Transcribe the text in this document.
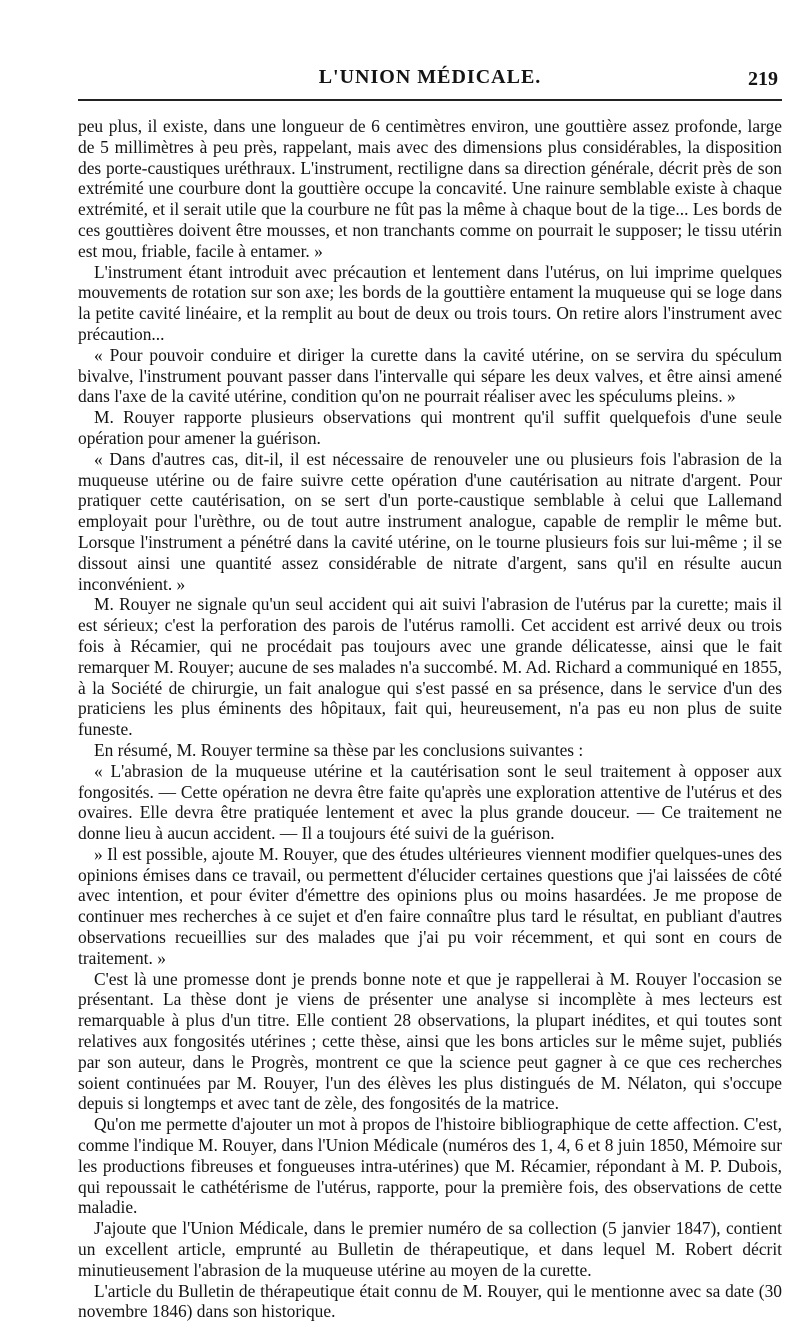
L'UNION MÉDICALE.	219

peu plus, il existe, dans une longueur de 6 centimètres environ, une gouttière assez profonde, large de 5 millimètres à peu près, rappelant, mais avec des dimensions plus considérables, la disposition des porte-caustiques uréthraux. L'instrument, rectiligne dans sa direction générale, décrit près de son extrémité une courbure dont la gouttière occupe la concavité. Une rainure semblable existe à chaque extrémité, et il serait utile que la courbure ne fût pas la même à chaque bout de la tige... Les bords de ces gouttières doivent être mousses, et non tranchants comme on pourrait le supposer; le tissu utérin est mou, friable, facile à entamer. »

L'instrument étant introduit avec précaution et lentement dans l'utérus, on lui imprime quelques mouvements de rotation sur son axe; les bords de la gouttière entament la muqueuse qui se loge dans la petite cavité linéaire, et la remplit au bout de deux ou trois tours. On retire alors l'instrument avec précaution...

« Pour pouvoir conduire et diriger la curette dans la cavité utérine, on se servira du spéculum bivalve, l'instrument pouvant passer dans l'intervalle qui sépare les deux valves, et être ainsi amené dans l'axe de la cavité utérine, condition qu'on ne pourrait réaliser avec les spéculums pleins. »

M. Rouyer rapporte plusieurs observations qui montrent qu'il suffit quelquefois d'une seule opération pour amener la guérison.

« Dans d'autres cas, dit-il, il est nécessaire de renouveler une ou plusieurs fois l'abrasion de la muqueuse utérine ou de faire suivre cette opération d'une cautérisation au nitrate d'argent. Pour pratiquer cette cautérisation, on se sert d'un porte-caustique semblable à celui que Lallemand employait pour l'urèthre, ou de tout autre instrument analogue, capable de remplir le même but. Lorsque l'instrument a pénétré dans la cavité utérine, on le tourne plusieurs fois sur lui-même ; il se dissout ainsi une quantité assez considérable de nitrate d'argent, sans qu'il en résulte aucun inconvénient. »

M. Rouyer ne signale qu'un seul accident qui ait suivi l'abrasion de l'utérus par la curette; mais il est sérieux; c'est la perforation des parois de l'utérus ramolli. Cet accident est arrivé deux ou trois fois à Récamier, qui ne procédait pas toujours avec une grande délicatesse, ainsi que le fait remarquer M. Rouyer; aucune de ses malades n'a succombé. M. Ad. Richard a communiqué en 1855, à la Société de chirurgie, un fait analogue qui s'est passé en sa présence, dans le service d'un des praticiens les plus éminents des hôpitaux, fait qui, heureusement, n'a pas eu non plus de suite funeste.

En résumé, M. Rouyer termine sa thèse par les conclusions suivantes :

« L'abrasion de la muqueuse utérine et la cautérisation sont le seul traitement à opposer aux fongosités. — Cette opération ne devra être faite qu'après une exploration attentive de l'utérus et des ovaires. Elle devra être pratiquée lentement et avec la plus grande douceur. — Ce traitement ne donne lieu à aucun accident. — Il a toujours été suivi de la guérison.

» Il est possible, ajoute M. Rouyer, que des études ultérieures viennent modifier quelques-unes des opinions émises dans ce travail, ou permettent d'élucider certaines questions que j'ai laissées de côté avec intention, et pour éviter d'émettre des opinions plus ou moins hasardées. Je me propose de continuer mes recherches à ce sujet et d'en faire connaître plus tard le résultat, en publiant d'autres observations recueillies sur des malades que j'ai pu voir récemment, et qui sont en cours de traitement. »

C'est là une promesse dont je prends bonne note et que je rappellerai à M. Rouyer l'occasion se présentant. La thèse dont je viens de présenter une analyse si incomplète à mes lecteurs est remarquable à plus d'un titre. Elle contient 28 observations, la plupart inédites, et qui toutes sont relatives aux fongosités utérines ; cette thèse, ainsi que les bons articles sur le même sujet, publiés par son auteur, dans le Progrès, montrent ce que la science peut gagner à ce que ces recherches soient continuées par M. Rouyer, l'un des élèves les plus distingués de M. Nélaton, qui s'occupe depuis si longtemps et avec tant de zèle, des fongosités de la matrice.

Qu'on me permette d'ajouter un mot à propos de l'histoire bibliographique de cette affection. C'est, comme l'indique M. Rouyer, dans l'Union Médicale (numéros des 1, 4, 6 et 8 juin 1850, Mémoire sur les productions fibreuses et fongueuses intra-utérines) que M. Récamier, répondant à M. P. Dubois, qui repoussait le cathétérisme de l'utérus, rapporte, pour la première fois, des observations de cette maladie.

J'ajoute que l'Union Médicale, dans le premier numéro de sa collection (5 janvier 1847), contient un excellent article, emprunté au Bulletin de thérapeutique, et dans lequel M. Robert décrit minutieusement l'abrasion de la muqueuse utérine au moyen de la curette.

L'article du Bulletin de thérapeutique était connu de M. Rouyer, qui le mentionne avec sa date (30 novembre 1846) dans son historique.
